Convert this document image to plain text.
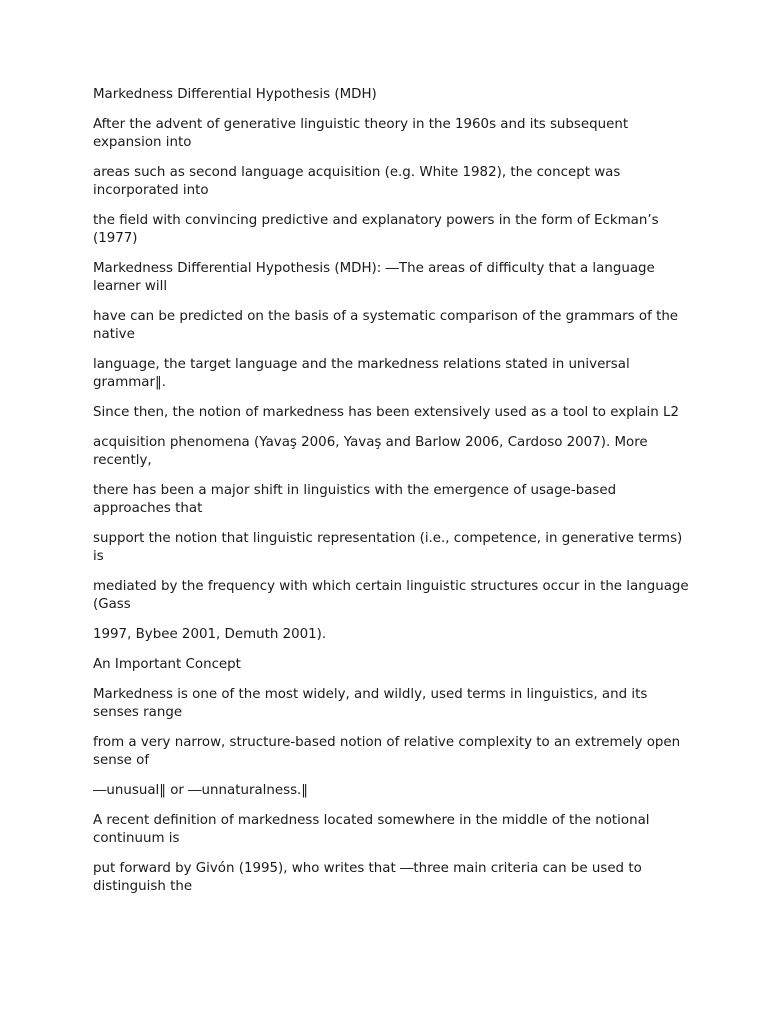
Markedness Differential Hypothesis (MDH)

After the advent of generative linguistic theory in the 1960s and its subsequent expansion into

areas such as second language acquisition (e.g. White 1982), the concept was incorporated into

the field with convincing predictive and explanatory powers in the form of Eckman’s (1977)

Markedness Differential Hypothesis (MDH): ―The areas of difficulty that a language learner will

have can be predicted on the basis of a systematic comparison of the grammars of the native

language, the target language and the markedness relations stated in universal grammar‖.

Since then, the notion of markedness has been extensively used as a tool to explain L2

acquisition phenomena (Yavaş 2006, Yavaş and Barlow 2006, Cardoso 2007). More recently,

there has been a major shift in linguistics with the emergence of usage-based approaches that

support the notion that linguistic representation (i.e., competence, in generative terms) is

mediated by the frequency with which certain linguistic structures occur in the language (Gass

1997, Bybee 2001, Demuth 2001).

An Important Concept

Markedness is one of the most widely, and wildly, used terms in linguistics, and its senses range

from a very narrow, structure-based notion of relative complexity to an extremely open sense of

―unusual‖ or ―unnaturalness.‖

A recent definition of markedness located somewhere in the middle of the notional continuum is

put forward by Givón (1995), who writes that ―three main criteria can be used to distinguish the
